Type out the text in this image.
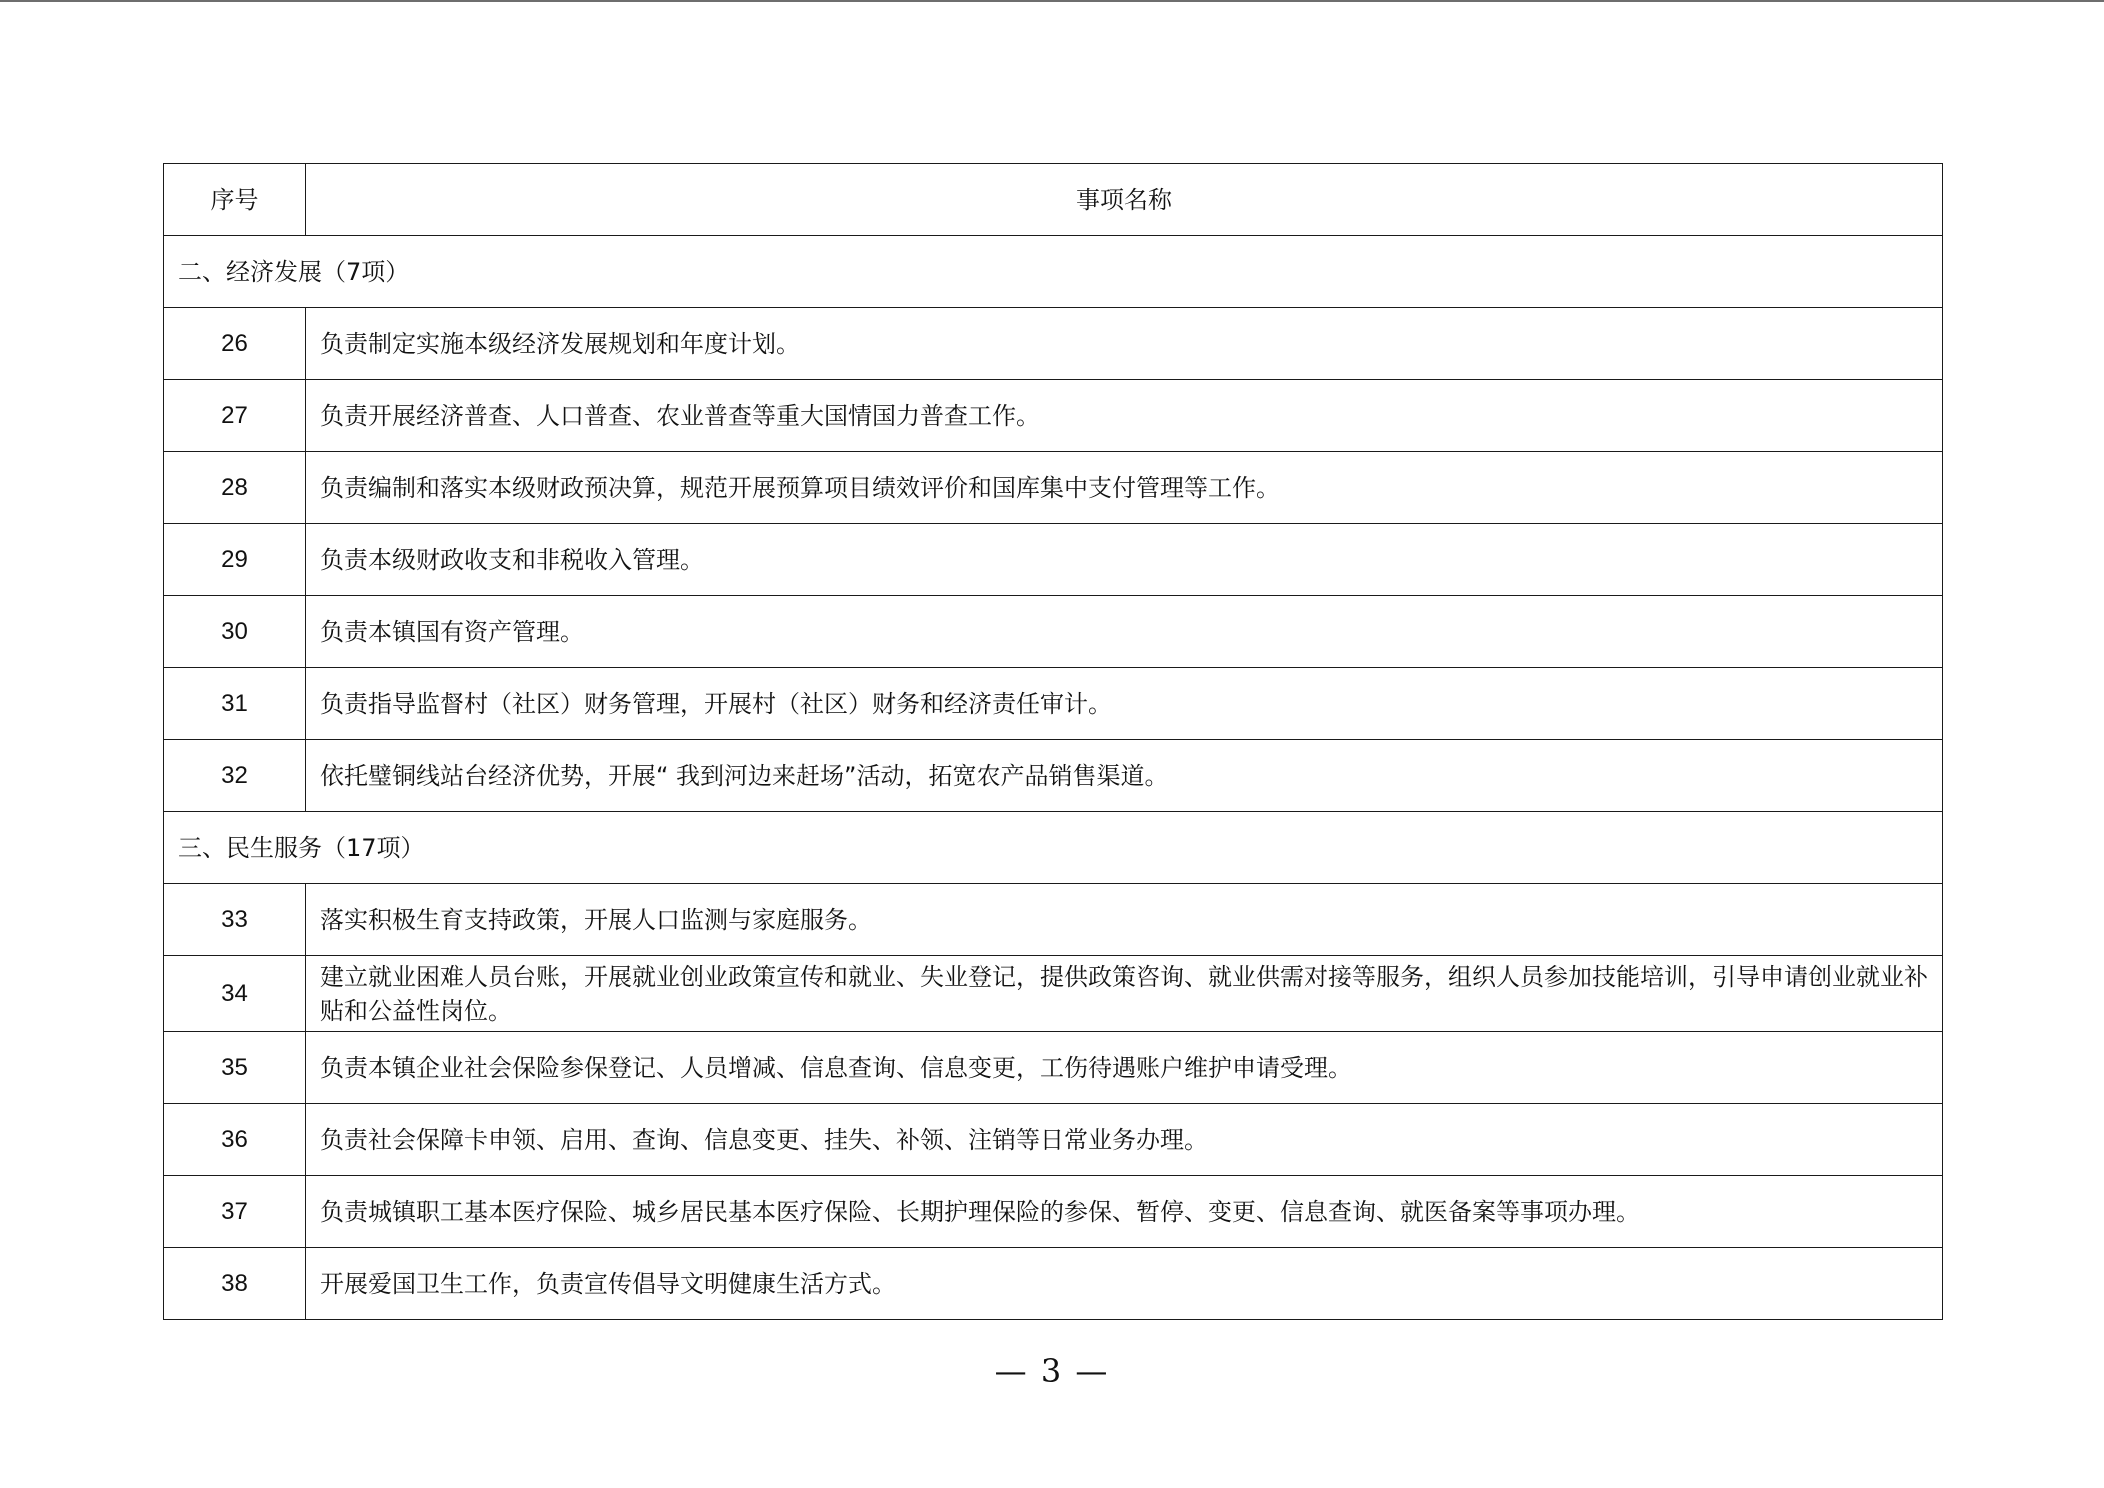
序号	事项名称
二、经济发展（7项）	
26	负责制定实施本级经济发展规划和年度计划。
27	负责开展经济普查、人口普查、农业普查等重大国情国力普查工作。
28	负责编制和落实本级财政预决算，规范开展预算项目绩效评价和国库集中支付管理等工作。
29	负责本级财政收支和非税收入管理。
30	负责本镇国有资产管理。
31	负责指导监督村（社区）财务管理，开展村（社区）财务和经济责任审计。
32	依托璧铜线站台经济优势，开展“ 我到河边来赶场”活动，拓宽农产品销售渠道。
三、民生服务（17项）	
33	落实积极生育支持政策，开展人口监测与家庭服务。
34	建立就业困难人员台账，开展就业创业政策宣传和就业、失业登记，提供政策咨询、就业供需对接等服务，组织人员参加技能培训，引导申请创业就业补贴和公益性岗位。
35	负责本镇企业社会保险参保登记、人员增减、信息查询、信息变更，工伤待遇账户维护申请受理。
36	负责社会保障卡申领、启用、查询、信息变更、挂失、补领、注销等日常业务办理。
37	负责城镇职工基本医疗保险、城乡居民基本医疗保险、长期护理保险的参保、暂停、变更、信息查询、就医备案等事项办理。
38	开展爱国卫生工作，负责宣传倡导文明健康生活方式。
— 3 —
